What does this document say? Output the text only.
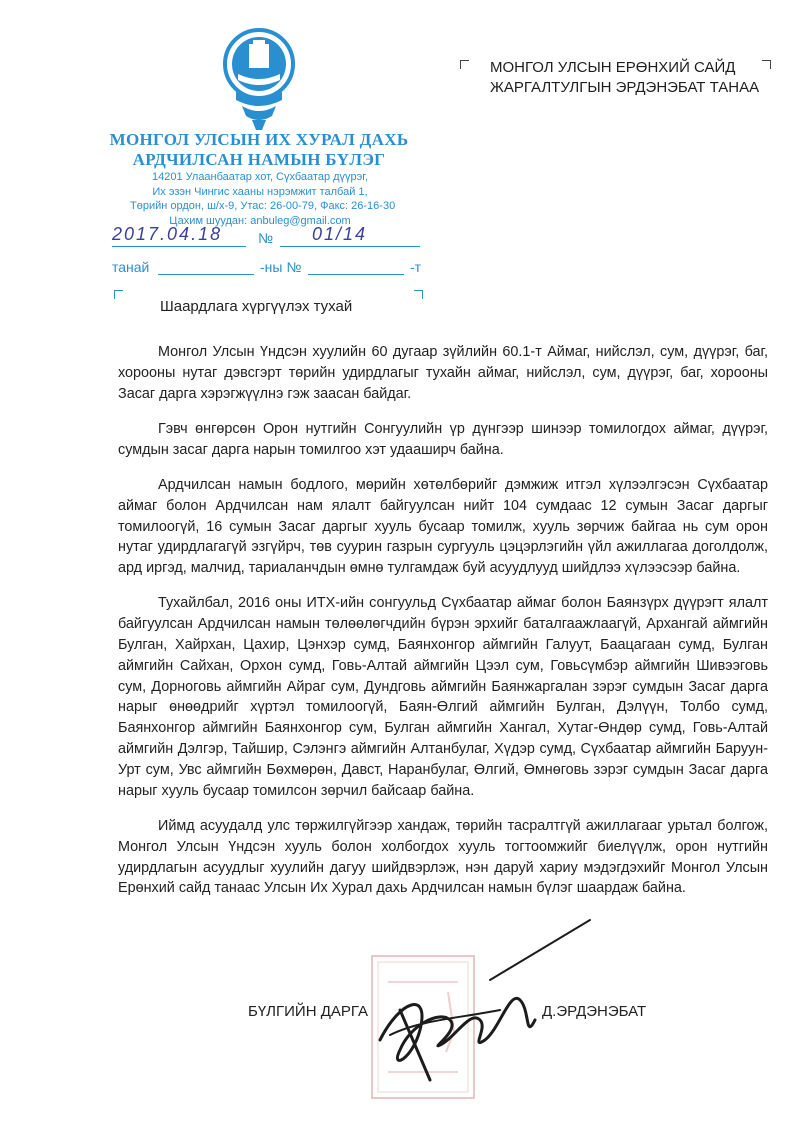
МОНГОЛ УЛСЫН ИХ ХУРАЛ ДАХЬ
АРДЧИЛСАН НАМЫН БҮЛЭГ
14201 Улаанбаатар хот, Сүхбаатар дүүрэг,
Их эзэн Чингис хааны нэрэмжит талбай 1,
Төрийн ордон, ш/х-9, Утас: 26-00-79, Факс: 26-16-30
Цахим шуудан: anbuleg@gmail.com
2017.04.18	№ 01/14
танай	-ны №	-т
МОНГОЛ УЛСЫН ЕРӨНХИЙ САЙД
ЖАРГАЛТУЛГЫН ЭРДЭНЭБАТ ТАНАА
Шаардлага хүргүүлэх тухай

Монгол Улсын Үндсэн хуулийн 60 дугаар зүйлийн 60.1-т Аймаг, нийслэл, сум, дүүрэг, баг, хорооны нутаг дэвсгэрт төрийн удирдлагыг тухайн аймаг, нийслэл, сум, дүүрэг, баг, хорооны Засаг дарга хэрэгжүүлнэ гэж заасан байдаг.

Гэвч өнгөрсөн Орон нутгийн Сонгуулийн үр дүнгээр шинээр томилогдох аймаг, дүүрэг, сумдын засаг дарга нарын томилгоо хэт удааширч байна.

Ардчилсан намын бодлого, мөрийн хөтөлбөрийг дэмжиж итгэл хүлээлгэсэн Сүхбаатар аймаг болон Ардчилсан нам ялалт байгуулсан нийт 104 сумдаас 12 сумын Засаг даргыг томилоогүй, 16 сумын Засаг даргыг хууль бусаар томилж, хууль зөрчиж байгаа нь сум орон нутаг удирдлагагүй эзгүйрч, төв суурин газрын сургууль цэцэрлэгийн үйл ажиллагаа доголдолж, ард иргэд, малчид, тариаланчдын өмнө тулгамдаж буй асуудлууд шийдлээ хүлээсээр байна.

Тухайлбал, 2016 оны ИТХ-ийн сонгуульд Сүхбаатар аймаг болон Баянзүрх дүүрэгт ялалт байгуулсан Ардчилсан намын төлөөлөгчдийн бүрэн эрхийг баталгаажлаагүй, Архангай аймгийн Булган, Хайрхан, Цахир, Цэнхэр сумд, Баянхонгор аймгийн Галуут, Баацагаан сумд, Булган аймгийн Сайхан, Орхон сумд, Говь-Алтай аймгийн Цээл сум, Говьсүмбэр аймгийн Шивээговь сум, Дорноговь аймгийн Айраг сум, Дундговь аймгийн Баянжаргалан зэрэг сумдын Засаг дарга нарыг өнөөдрийг хүртэл томилоогүй, Баян-Өлгий аймгийн Булган, Дэлүүн, Толбо сумд, Баянхонгор аймгийн Баянхонгор сум, Булган аймгийн Хангал, Хутаг-Өндөр сумд, Говь-Алтай аймгийн Дэлгэр, Тайшир, Сэлэнгэ аймгийн Алтанбулаг, Хүдэр сумд, Сүхбаатар аймгийн Баруун-Урт сум, Увс аймгийн Бөхмөрөн, Давст, Наранбулаг, Өлгий, Өмнөговь зэрэг сумдын Засаг дарга нарыг хууль бусаар томилсон зөрчил байсаар байна.

Иймд асуудалд улс төржилгүйгээр хандаж, төрийн тасралтгүй ажиллагааг урьтал болгож, Монгол Улсын Үндсэн хууль болон холбогдох хууль тогтоомжийг биелүүлж, орон нутгийн удирдлагын асуудлыг хуулийн дагуу шийдвэрлэж, нэн даруй хариу мэдэгдэхийг Монгол Улсын Ерөнхий сайд танаас Улсын Их Хурал дахь Ардчилсан намын бүлэг шаардаж байна.

БҮЛГИЙН ДАРГА	Д.ЭРДЭНЭБАТ
